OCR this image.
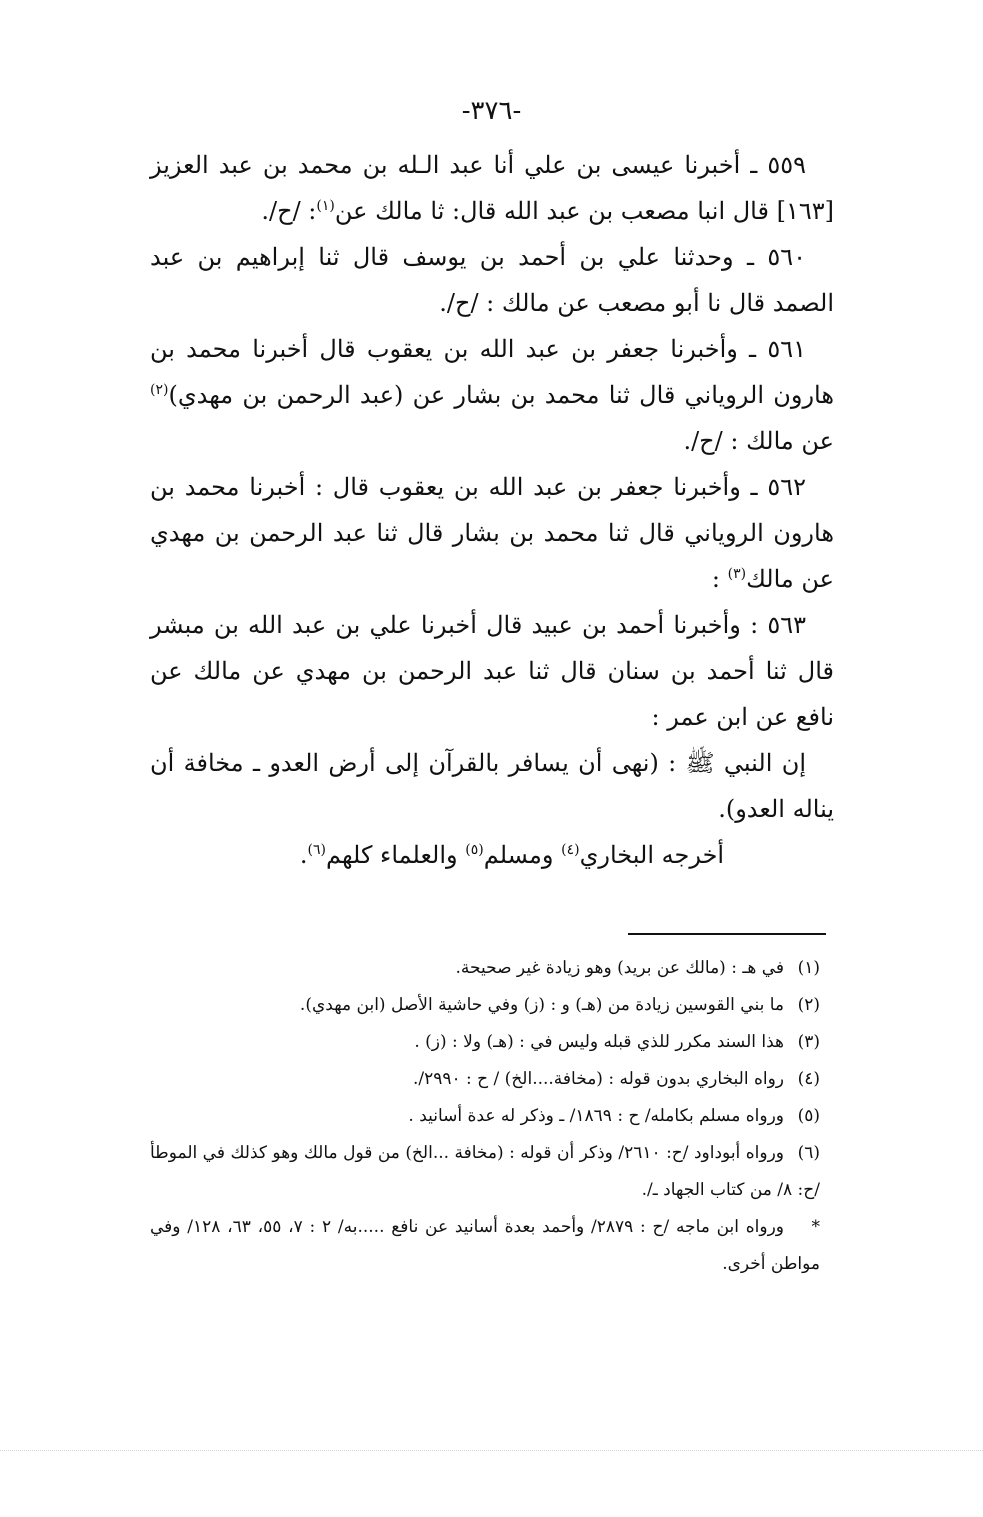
-٣٧٦-

٥٥٩ ـ أخبرنا عيسى بن علي أنا عبد الـله بن محمد بن عبد العزيز [١٦٣] قال انبا مصعب بن عبد الله قال: ثا مالك عن$^{(١)}$: /ح/.

٥٦٠ ـ وحدثنا علي بن أحمد بن يوسف قال ثنا إبراهيم بن عبد الصمد قال نا أبو مصعب عن مالك : /ح/.

٥٦١ ـ وأخبرنا جعفر بن عبد الله بن يعقوب قال أخبرنا محمد بن هارون الروياني قال ثنا محمد بن بشار عن (عبد الرحمن بن مهدي)$^{(٢)}$ عن مالك : /ح/.

٥٦٢ ـ وأخبرنا جعفر بن عبد الله بن يعقوب قال : أخبرنا محمد بن هارون الروياني قال ثنا محمد بن بشار قال ثنا عبد الرحمن بن مهدي عن مالك$^{(٣)}$ :

٥٦٣ : وأخبرنا أحمد بن عبيد قال أخبرنا علي بن عبد الله بن مبشر قال ثنا أحمد بن سنان قال ثنا عبد الرحمن بن مهدي عن مالك عن نافع عن ابن عمر :

إن النبي ﷺ : (نهى أن يسافر بالقرآن إلى أرض العدو ـ مخافة أن يناله العدو).

أخرجه البخاري$^{(٤)}$ ومسلم$^{(٥)}$ والعلماء كلهم$^{(٦)}$.

(١)في هـ : (مالك عن بريد) وهو زيادة غير صحيحة.

(٢)ما بني القوسين زيادة من (هـ) و : (ز) وفي حاشية الأصل (ابن مهدي).

(٣)هذا السند مكرر للذي قبله وليس في : (هـ) ولا : (ز) .

(٤)رواه البخاري بدون قوله : (مخافة....الخ) / ح : ٢٩٩٠/.

(٥)ورواه مسلم بكامله/ ح : ١٨٦٩/ ـ وذكر له عدة أسانيد .

(٦)ورواه أبوداود /ح: ٢٦١٠/ وذكر أن قوله : (مخافة ...الخ) من قول مالك وهو كذلك في الموطأ /ح: ٨/ من كتاب الجهاد ـ/.

*ورواه ابن ماجه /ح : ٢٨٧٩/ وأحمد بعدة أسانيد عن نافع .....به/ ٢ : ٧، ٥٥، ٦٣، ١٢٨/ وفي مواطن أخرى.
